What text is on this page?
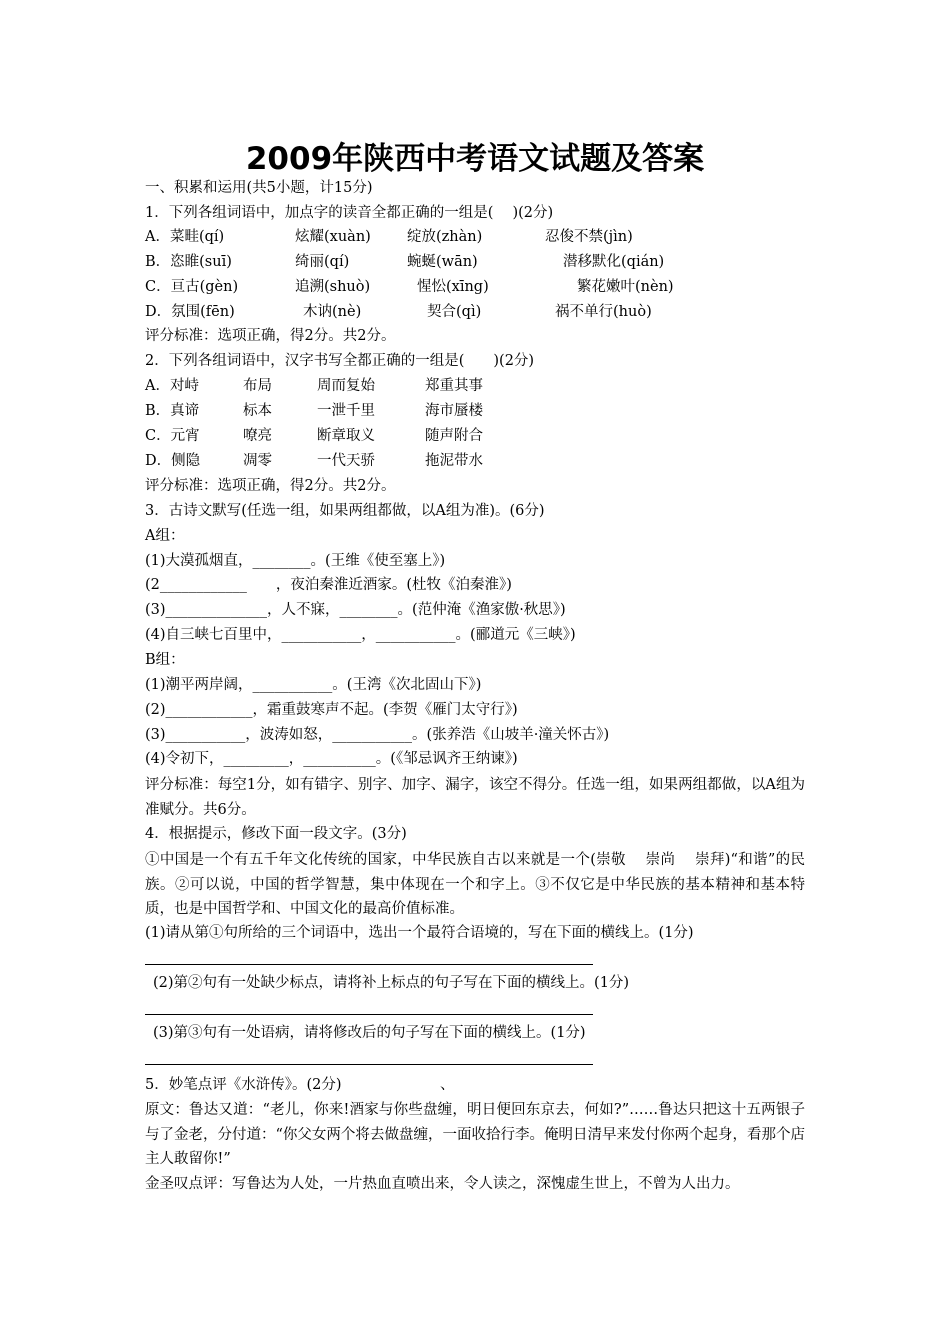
2009年陕西中考语文试题及答案
一、积累和运用(共5小题，计15分)
1．下列各组词语中，加点字的读音全都正确的一组是(　 )(2分)
A．菜畦(qí)	炫耀(xuàn) 绽放(zhàn)	忍俊不禁(jìn)
B．恣睢(suī)	绮丽(qí)	蜿蜒(wān)	潜移默化(qián)
C．亘古(gèn)	追溯(shuò)	惺忪(xīng)	繁花嫩叶(nèn)
D．氛围(fēn)	木讷(nè)	契合(qì)	祸不单行(huò)
评分标准：选项正确，得2分。共2分。
2．下列各组词语中，汉字书写全都正确的一组是(　　)(2分)
A．对峙	布局	周而复始	郑重其事
B．真谛	标本	一泄千里	海市蜃楼
C．元宵	嘹亮	断章取义	随声附合
D．侧隐	凋零	一代天骄	拖泥带水
评分标准：选项正确，得2分。共2分。
3．古诗文默写(任选一组，如果两组都做，以A组为准)。(6分)
A组：
(1)大漠孤烟直，________。(王维《使至塞上》)
(2____________　　，夜泊秦淮近酒家。(杜牧《泊秦淮》)
(3)______________，人不寐，________。(范仲淹《渔家傲·秋思》)
(4)自三峡七百里中，___________，___________。(郦道元《三峡》)
B组：
(1)潮平两岸阔，___________。(王湾《次北固山下》)
(2)____________，霜重鼓寒声不起。(李贺《雁门太守行》)
(3)___________，波涛如怒，___________。(张养浩《山坡羊·潼关怀古》)
(4)令初下，_________，__________。(《邹忌讽齐王纳谏》)
评分标准：每空1分，如有错字、别字、加字、漏字，该空不得分。任选一组，如果两组都做，以A组为准赋分。共6分。
4．根据提示，修改下面一段文字。(3分)
①中国是一个有五千年文化传统的国家，中华民族自古以来就是一个(崇敬　 崇尚　 崇拜)“和谐”的民族。②可以说，中国的哲学智慧，集中体现在一个和字上。③不仅它是中华民族的基本精神和基本特质，也是中国哲学和、中国文化的最高价值标准。
(1)请从第①句所给的三个词语中，选出一个最符合语境的，写在下面的横线上。(1分)
(2)第②句有一处缺少标点，请将补上标点的句子写在下面的横线上。(1分)
(3)第③句有一处语病，请将修改后的句子写在下面的横线上。(1分)
5．妙笔点评《水浒传》。(2分)	、
原文：鲁达又道：“老儿，你来!酒家与你些盘缠，明日便回东京去，何如?”……鲁达只把这十五两银子与了金老，分付道：“你父女两个将去做盘缠，一面收拾行李。俺明日清早来发付你两个起身，看那个店主人敢留你!”
金圣叹点评：写鲁达为人处，一片热血直喷出来，令人读之，深愧虚生世上，不曾为人出力。
